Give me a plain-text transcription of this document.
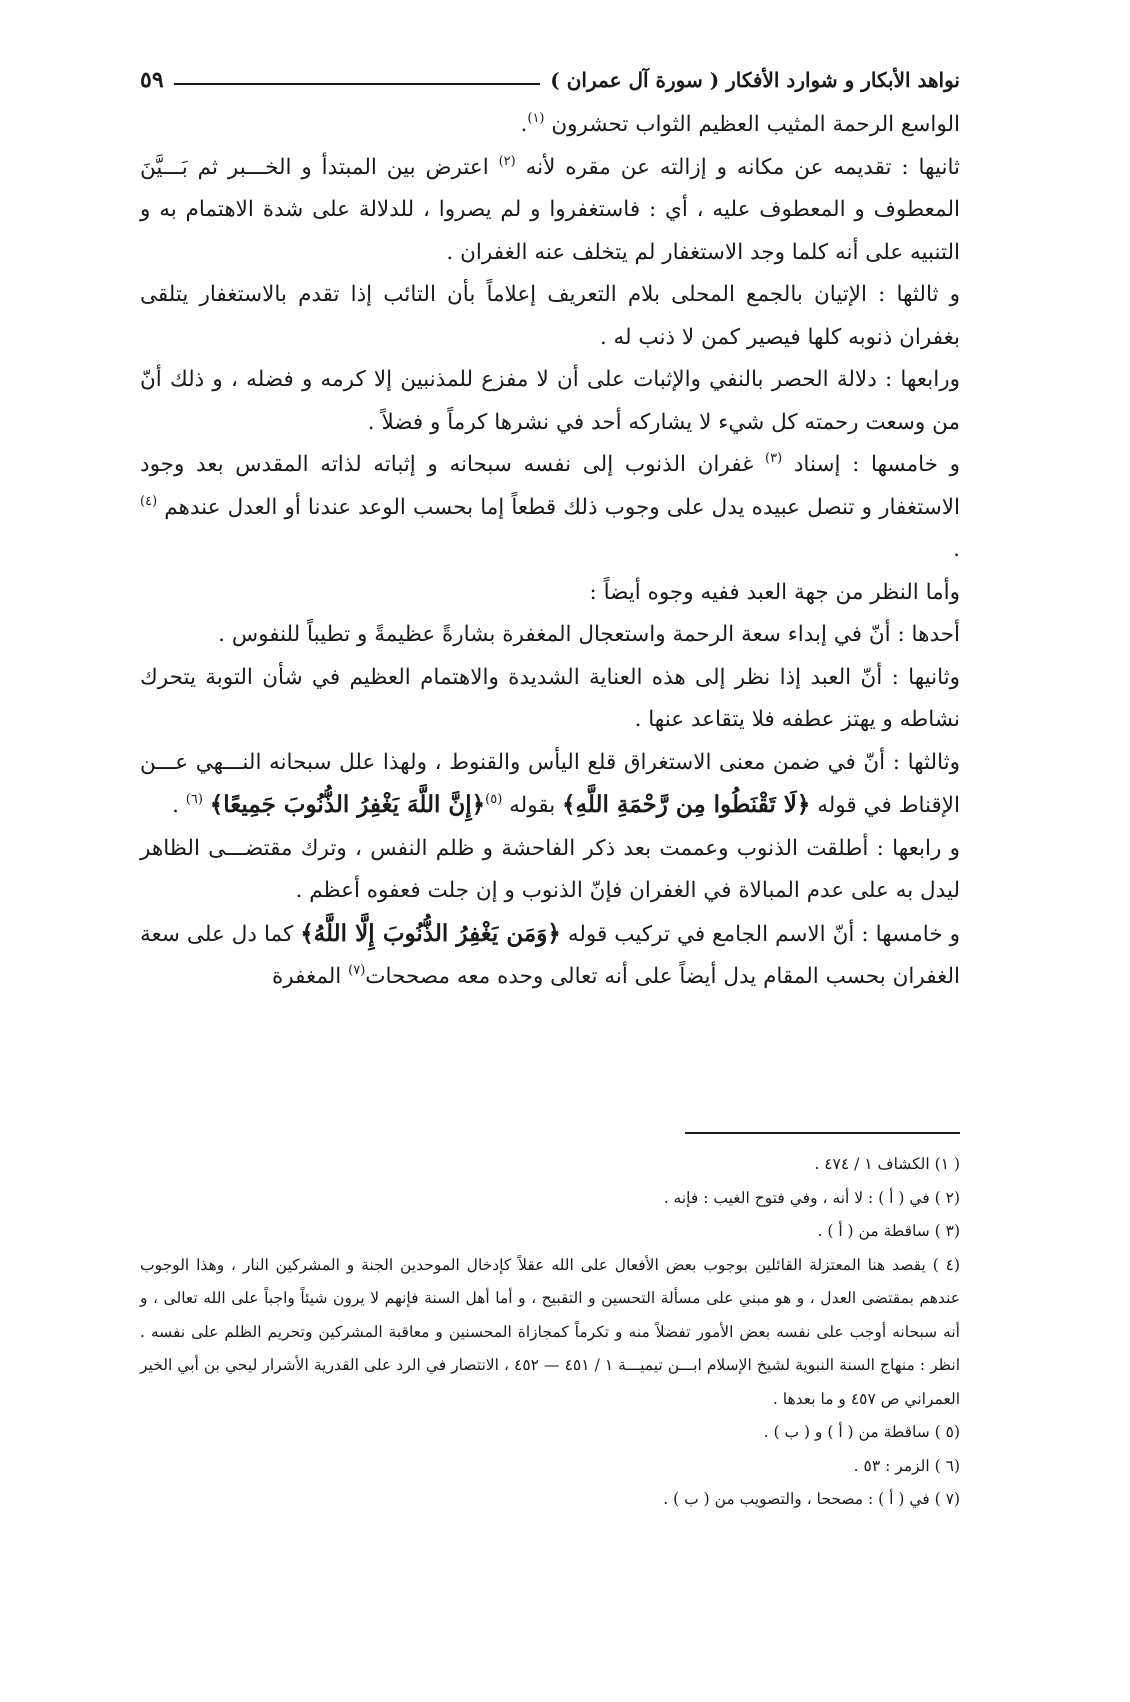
نواهد الأبكار و شوارد الأفكار ( سورة آل عمران )
٥٩

الواسع الرحمة المثيب العظيم الثواب تحشرون $^{(١)}$.

ثانيها : تقديمه عن مكانه و إزالته عن مقره لأنه $^{(٢)}$ اعترض بين المبتدأ و الخـــبر ثم بَـــيَّنَ المعطوف و المعطوف عليه ، أي : فاستغفروا و لم يصروا ، للدلالة على شدة الاهتمام به و التنبيه على أنه كلما وجد الاستغفار لم يتخلف عنه الغفران .

و ثالثها : الإتيان بالجمع المحلى بلام التعريف إعلاماً بأن التائب إذا تقدم بالاستغفار يتلقى بغفران ذنوبه كلها فيصير كمن لا ذنب له .

ورابعها : دلالة الحصر بالنفي والإثبات على أن لا مفزع للمذنبين إلا كرمه و فضله ، و ذلك أنّ من وسعت رحمته كل شيء لا يشاركه أحد في نشرها كرماً و فضلاً .

و خامسها : إسناد $^{(٣)}$ غفران الذنوب إلى نفسه سبحانه و إثباته لذاته المقدس بعد وجود الاستغفار و تنصل عبيده يدل على وجوب ذلك قطعاً إما بحسب الوعد عندنا أو العدل عندهم $^{(٤)}$ .

وأما النظر من جهة العبد ففيه وجوه أيضاً :

أحدها : أنّ في إبداء سعة الرحمة واستعجال المغفرة بشارةً عظيمةً و تطيباً للنفوس .

وثانيها : أنّ العبد إذا نظر إلى هذه العناية الشديدة والاهتمام العظيم في شأن التوبة يتحرك نشاطه و يهتز عطفه فلا يتقاعد عنها .

وثالثها : أنّ في ضمن معنى الاستغراق قلع اليأس والقنوط ، ولهذا علل سبحانه النـــهي عـــن الإقناط في قوله ﴿لَا تَقْنَطُوا مِن رَّحْمَةِ اللَّهِ﴾ بقوله $^{(٥)}$﴿إِنَّ اللَّهَ يَغْفِرُ الذُّنُوبَ جَمِيعًا﴾ $^{(٦)}$ .

و رابعها : أطلقت الذنوب وعممت بعد ذكر الفاحشة و ظلم النفس ، وترك مقتضـــى الظاهر ليدل به على عدم المبالاة في الغفران فإنّ الذنوب و إن جلت فعفوه أعظم .

و خامسها : أنّ الاسم الجامع في تركيب قوله ﴿وَمَن يَغْفِرُ الذُّنُوبَ إِلَّا اللَّهُ﴾ كما دل على سعة الغفران بحسب المقام يدل أيضاً على أنه تعالى وحده معه مصححات$^{(٧)}$ المغفرة

( ١) الكشاف ١ / ٤٧٤ .

(٢ ) في ( أ ) : لا أنه ، وفي فتوح الغيب : فإنه .

(٣ ) ساقطة من ( أ ) .

(٤ ) يقصد هنا المعتزلة القائلين بوجوب بعض الأفعال على الله عقلاً كإدخال الموحدين الجنة و المشركين النار ، وهذا الوجوب عندهم بمقتضى العدل ، و هو مبني على مسألة التحسين و التقبيح ، و أما أهل السنة فإنهم لا يرون شيئاً واجباً على الله تعالى ، و أنه سبحانه أوجب على نفسه بعض الأمور تفضلاً منه و تكرماً كمجازاة المحسنين و معاقبة المشركين وتحريم الظلم على نفسه . انظر : منهاج السنة النبوية لشيخ الإسلام ابـــن تيميـــة ١ / ٤٥١ — ٤٥٢ ، الانتصار في الرد على القدرية الأشرار ليحي بن أبي الخير العمراني ص ٤٥٧ و ما بعدها .

(٥ ) ساقطة من ( أ ) و ( ب ) .

(٦ ) الزمر : ٥٣ .

(٧ ) في ( أ ) : مصححا ، والتصويب من ( ب ) .
